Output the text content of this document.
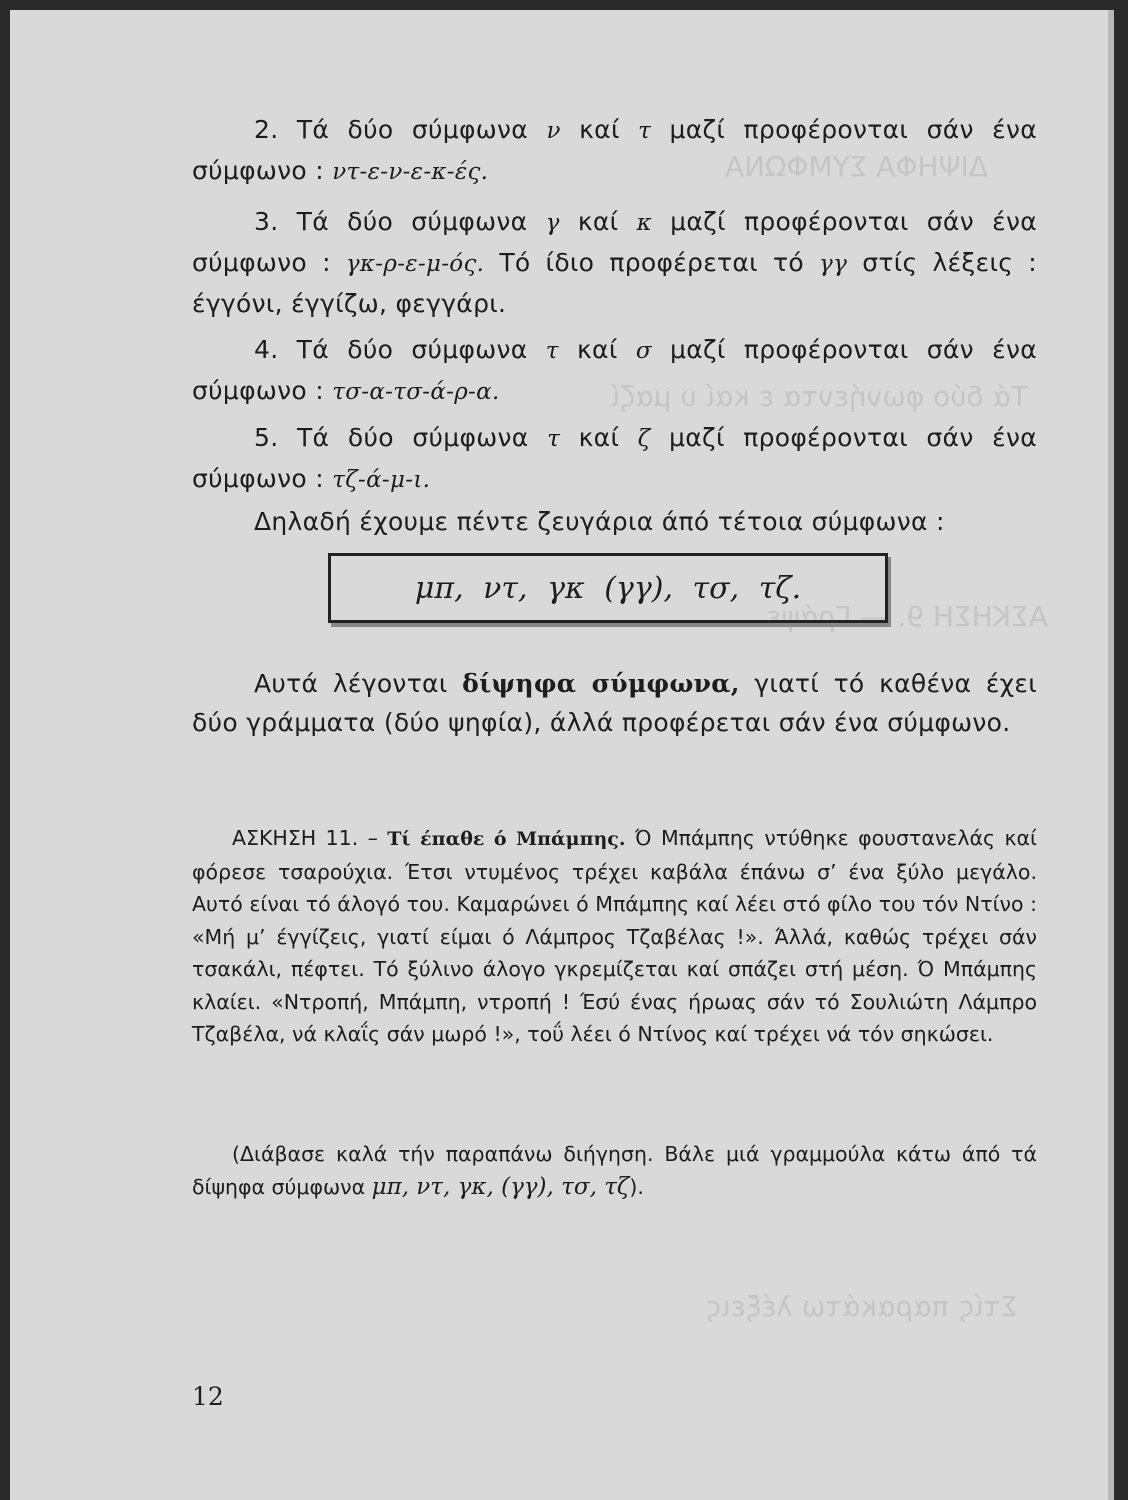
ΔΙΨΗΦΑ ΣΥΜΦΩΝΑ
Τά δύο φωνήεντα ε καί υ μαζί
ΑΣΚΗΣΗ 9. — Γράψε
Στίς παρακάτω λέξεις
2. Τά δύο σύμφωνα ν καί τ μαζί προφέρονται σάν ένα σύμφωνο : ντ-ε-ν-ε-κ-ές.
3. Τά δύο σύμφωνα γ καί κ μαζί προφέρονται σάν ένα σύμφωνο : γκ-ρ-ε-μ-ός. Τό ίδιο προφέρεται τό γγ στίς λέξεις : έγγόνι, έγγίζω, φεγγάρι.
4. Τά δύο σύμφωνα τ καί σ μαζί προφέρονται σάν ένα σύμφωνο : τσ-α-τσ-ά-ρ-α.
5. Τά δύο σύμφωνα τ καί ζ μαζί προφέρονται σάν ένα σύμφωνο : τζ-ά-μ-ι.
Δηλαδή έχουμε πέντε ζευγάρια άπό τέτοια σύμφωνα :
μπ, ντ, γκ (γγ), τσ, τζ.
Αυτά λέγονται δίψηφα σύμφωνα, γιατί τό καθένα έχει δύο γράμματα (δύο ψηφία), άλλά προφέρεται σάν ένα σύμφωνο.
ΑΣΚΗΣΗ 11. – Τί έπαθε ό Μπάμπης. Ό Μπάμπης ντύθηκε φουστανελάς καί φόρεσε τσαρούχια. Έτσι ντυμένος τρέχει καβάλα έπάνω σ’ ένα ξύλο μεγάλο. Αυτό είναι τό άλογό του. Καμαρώνει ό Μπάμπης καί λέει στό φίλο του τόν Ντίνο : «Μή μ’ έγγίζεις, γιατί είμαι ό Λάμπρος Τζαβέλας !». Άλλά, καθώς τρέχει σάν τσακάλι, πέφτει. Τό ξύλινο άλογο γκρεμίζεται καί σπάζει στή μέση. Ό Μπάμπης κλαίει. «Ντροπή, Μπάμπη, ντροπή ! Έσύ ένας ήρωας σάν τό Σουλιώτη Λάμπρο Τζαβέλα, νά κλαΐς σάν μωρό !», τοΰ λέει ό Ντίνος καί τρέχει νά τόν σηκώσει.
(Διάβασε καλά τήν παραπάνω διήγηση. Βάλε μιά γραμμούλα κάτω άπό τά δίψηφα σύμφωνα μπ, ντ, γκ, (γγ), τσ, τζ).
12
